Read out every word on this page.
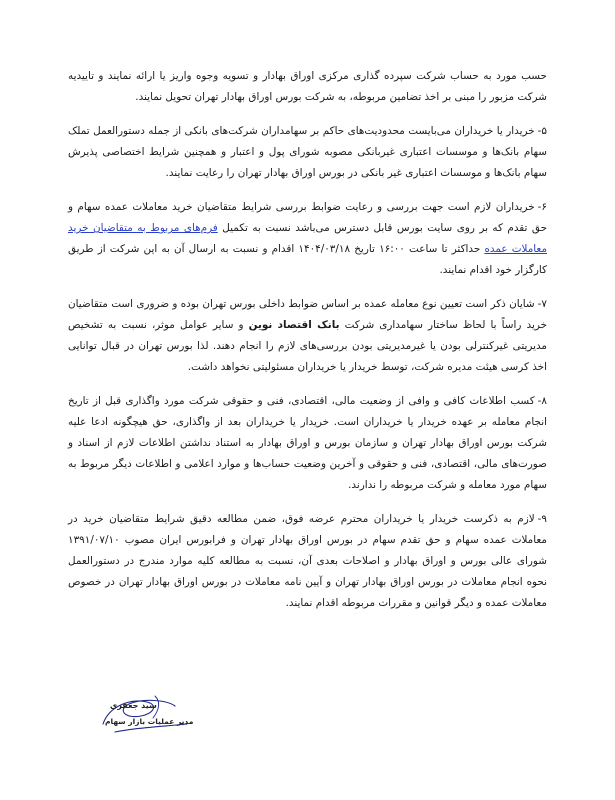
حسب مورد به حساب شرکت سپرده گذاری مرکزی اوراق بهادار و تسویه وجوه واریز یا ارائه نمایند و تاییدیه شرکت مزبور را مبنی بر اخذ تضامین مربوطه، به شرکت بورس اوراق بهادار تهران تحویل نمایند.

۵-خریدار یا خریداران می‌بایست محدودیت‌های حاکم بر سهامداران شرکت‌های بانکی از جمله دستورالعمل تملک سهام بانک‌ها و موسسات اعتباری غیربانکی مصوبه شورای پول و اعتبار و همچنین شرایط اختصاصی پذیرش سهام بانک‌ها و موسسات اعتباری غیر بانکی در بورس اوراق بهادار تهران را رعایت نمایند.

۶-خریداران لازم است جهت بررسی و رعایت ضوابط بررسی شرایط متقاضیان خرید معاملات عمده سهام و حق تقدم که بر روی سایت بورس قابل دسترس می‌باشد نسبت به تکمیل فرم‌های مربوط به متقاضیان خرید معاملات عمده حداکثر تا ساعت ۱۶:۰۰ تاریخ ۱۴۰۴/۰۳/۱۸ اقدام و نسبت به ارسال آن به این شرکت از طریق کارگزار خود اقدام نمایند.

۷-شایان ذکر است تعیین نوع معامله عمده بر اساس ضوابط داخلی بورس تهران بوده و ضروری است متقاضیان خرید راساً با لحاظ ساختار سهامداری شرکت بانک اقتصاد نوین و سایر عوامل موثر، نسبت به تشخیص مدیریتی غیرکنترلی بودن یا غیرمدیریتی بودن بررسی‌های لازم را انجام دهند. لذا بورس تهران در قبال توانایی اخذ کرسی هیئت مدیره شرکت، توسط خریدار یا خریداران مسئولیتی نخواهد داشت.

۸-کسب اطلاعات کافی و وافی از وضعیت مالی، اقتصادی، فنی و حقوقی شرکت مورد واگذاری قبل از تاریخ انجام معامله بر عهده خریدار یا خریداران است. خریدار یا خریداران بعد از واگذاری، حق هیچگونه ادعا علیه شرکت بورس اوراق بهادار تهران و سازمان بورس و اوراق بهادار به استناد نداشتن اطلاعات لازم از اسناد و صورت‌های مالی، اقتصادی، فنی و حقوقی و آخرین وضعیت حساب‌ها و موارد اعلامی و اطلاعات دیگر مربوط به سهام مورد معامله و شرکت مربوطه را ندارند.

۹-لازم به ذکرست خریدار یا خریداران محترم عرضه فوق، ضمن مطالعه دقیق شرایط متقاضیان خرید در معاملات عمده سهام و حق تقدم سهام در بورس اوراق بهادار تهران و فرابورس ایران مصوب ۱۳۹۱/۰۷/۱۰ شورای عالی بورس و اوراق بهادار و اصلاحات بعدی آن، نسبت به مطالعه کلیه موارد مندرج در دستورالعمل نحوه انجام معاملات در بورس اوراق بهادار تهران و آیین نامه معاملات در بورس اوراق بهادار تهران در خصوص معاملات عمده و دیگر قوانین و مقررات مربوطه اقدام نمایند.

سید جعفری
مدیر عملیات بازار سهام
